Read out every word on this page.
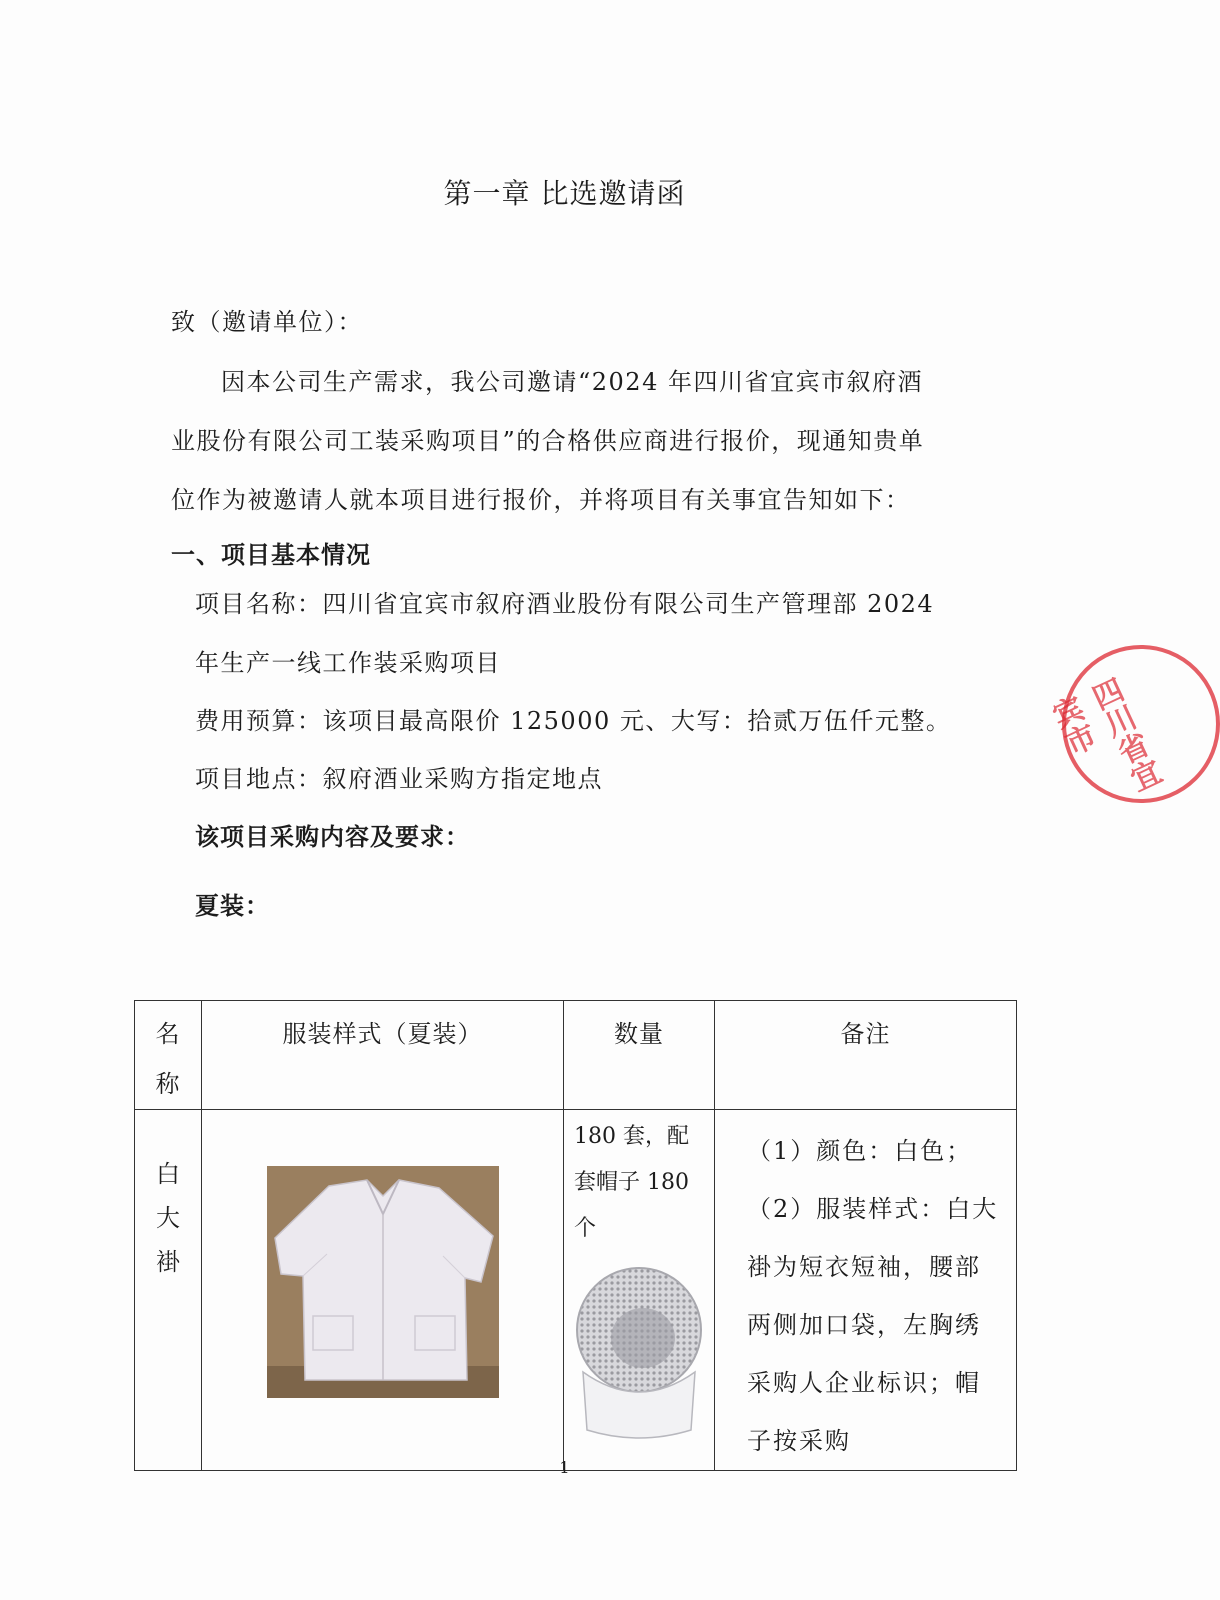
第一章 比选邀请函
致（邀请单位）：
因本公司生产需求，我公司邀请“2024 年四川省宜宾市叙府酒
业股份有限公司工装采购项目”的合格供应商进行报价，现通知贵单
位作为被邀请人就本项目进行报价，并将项目有关事宜告知如下：
一、项目基本情况
项目名称：四川省宜宾市叙府酒业股份有限公司生产管理部 2024
年生产一线工作装采购项目
费用预算：该项目最高限价 125000 元、大写：拾贰万伍仟元整。
项目地点：叙府酒业采购方指定地点
该项目采购内容及要求：
夏装：
四川省宜宾市
名称	服装样式（夏装）	数量	备注

白大褂		180 套，配套帽子 180 个	（1）颜色：白色；（2）服装样式：白大褂为短衣短袖，腰部两侧加口袋，左胸绣采购人企业标识；帽子按采购
1
